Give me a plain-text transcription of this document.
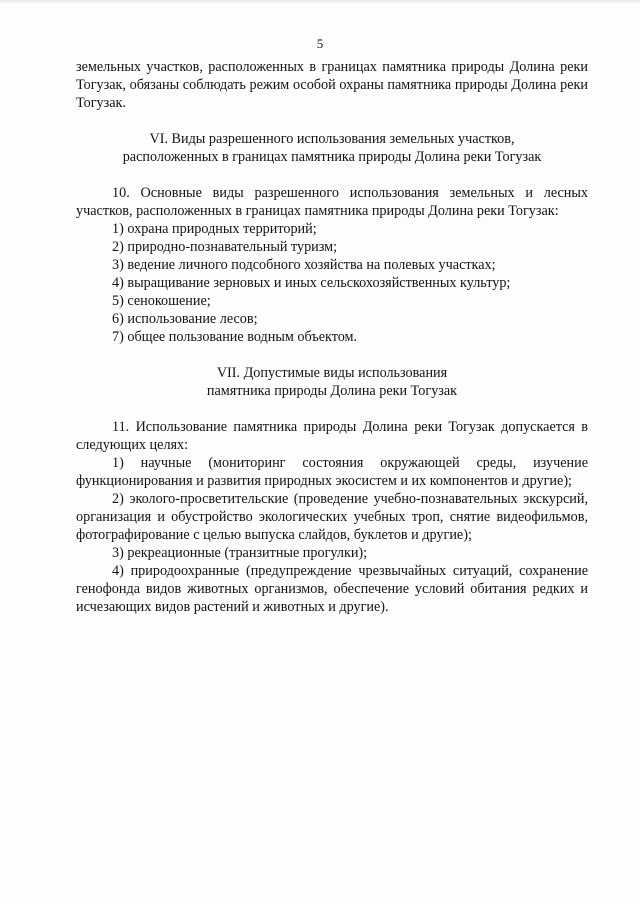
5

земельных участков, расположенных в границах памятника природы Долина реки Тогузак, обязаны соблюдать режим особой охраны памятника природы Долина реки Тогузак.

VI. Виды разрешенного использования земельных участков,

расположенных в границах памятника природы Долина реки Тогузак

10. Основные виды разрешенного использования земельных и лесных участков, расположенных в границах памятника природы Долина реки Тогузак:

1) охрана природных территорий;

2) природно-познавательный туризм;

3) ведение личного подсобного хозяйства на полевых участках;

4) выращивание зерновых и иных сельскохозяйственных культур;

5) сенокошение;

6) использование лесов;

7) общее пользование водным объектом.

VII. Допустимые виды использования

памятника природы Долина реки Тогузак

11. Использование памятника природы Долина реки Тогузак допускается в следующих целях:

1) научные (мониторинг состояния окружающей среды, изучение функционирования и развития природных экосистем и их компонентов и другие);

2) эколого-просветительские (проведение учебно-познавательных экскурсий, организация и обустройство экологических учебных троп, снятие видеофильмов, фотографирование с целью выпуска слайдов, буклетов и другие);

3) рекреационные (транзитные прогулки);

4) природоохранные (предупреждение чрезвычайных ситуаций, сохранение генофонда видов животных организмов, обеспечение условий обитания редких и исчезающих видов растений и животных и другие).
